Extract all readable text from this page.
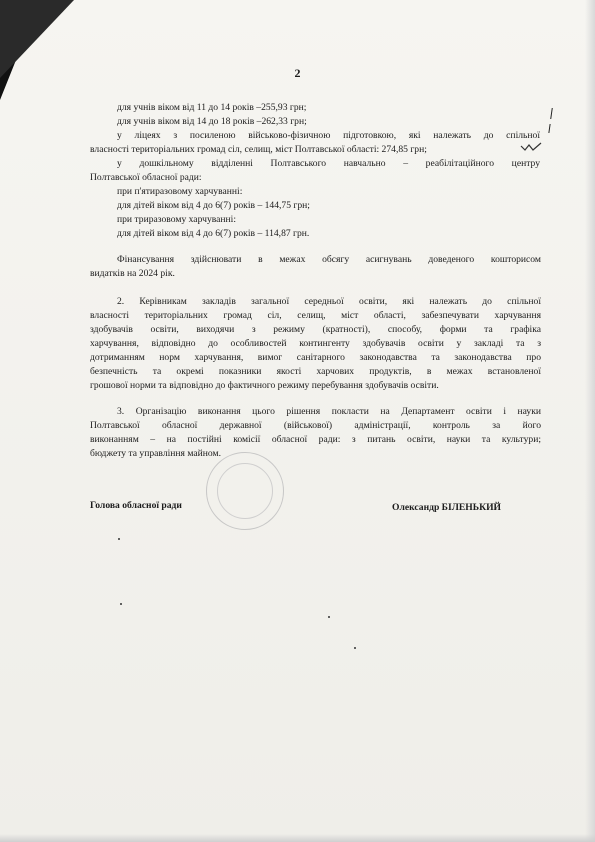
2
для учнів віком від 11 до 14 років –255,93 грн;
для учнів віком від 14 до 18 років –262,33 грн;
у ліцеях з посиленою військово-фізичною підготовкою, які належать до спільної
власності територіальних громад сіл, селищ, міст Полтавської області: 274,85 грн;
у дошкільному відділенні Полтавського навчально – реабілітаційного центру
Полтавської обласної ради:
при п'ятиразовому харчуванні:
для дітей віком від 4 до 6(7) років – 144,75 грн;
при триразовому харчуванні:
для дітей віком від 4 до 6(7) років – 114,87 грн.
Фінансування здійснювати в межах обсягу асигнувань доведеного кошторисом
видатків на 2024 рік.
2. Керівникам закладів загальної середньої освіти, які належать до спільної
власності територіальних громад сіл, селищ, міст області, забезпечувати харчування
здобувачів освіти, виходячи з режиму (кратності), способу, форми та графіка
харчування, відповідно до особливостей контингенту здобувачів освіти у закладі та з
дотриманням норм харчування, вимог санітарного законодавства та законодавства про
безпечність та окремі показники якості харчових продуктів, в межах встановленої
грошової норми та відповідно до фактичного режиму перебування здобувачів освіти.
3. Організацію виконання цього рішення покласти на Департамент освіти і науки
Полтавської обласної державної (військової) адміністрації, контроль за його
виконанням – на постійні комісії обласної ради: з питань освіти, науки та культури;
бюджету та управління майном.
Голова обласної ради	Олександр БІЛЕНЬКИЙ
